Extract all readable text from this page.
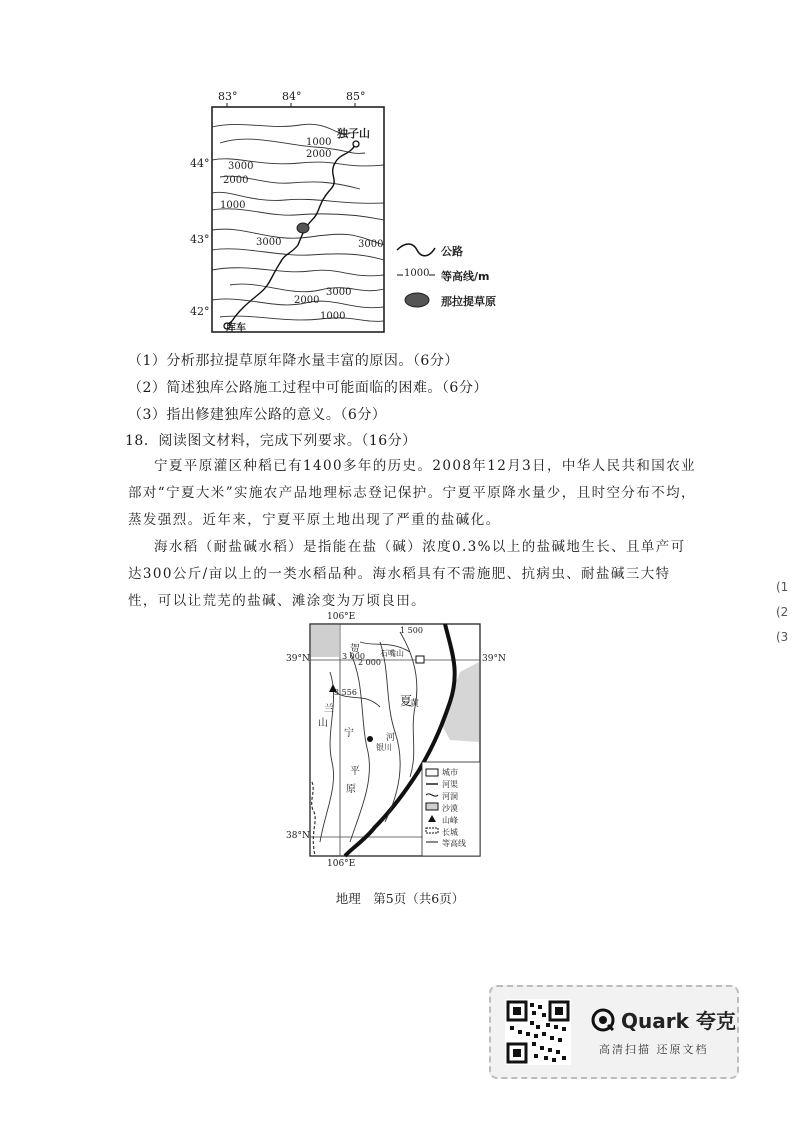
83°	84°	85°
44°
43°
42°
独子山
库车
1000
2000
3000
2000
1000
3000	3000
3000
2000
1000
公路
1000 等高线/m
那拉提草原
（1）分析那拉提草原年降水量丰富的原因。（6分）
（2）简述独库公路施工过程中可能面临的困难。（6分）
（3）指出修建独库公路的意义。（6分）
18．阅读图文材料，完成下列要求。（16分）
宁夏平原灌区种稻已有1400多年的历史。2008年12月3日，中华人民共和国农业部对“宁夏大米”实施农产品地理标志登记保护。宁夏平原降水量少，且时空分布不均，蒸发强烈。近年来，宁夏平原土地出现了严重的盐碱化。
海水稻（耐盐碱水稻）是指能在盐（碱）浓度0.3%以上的盐碱地生长、且单产可达300公斤/亩以上的一类水稻品种。海水稻具有不需施肥、抗病虫、耐盐碱三大特性，可以让荒芜的盐碱、滩涂变为万顷良田。
106°E
106°E
39°N	39°N
38°N
3 000
2 000
1 500
贺
兰
山
宁
夏
平
原
黄
河
石嘴山
银川
3 556
城市
河渠
河洞
沙漠
山峰
长城
等高线
(1
(2
(3
地理　第5页（共6页）
Quark 夸克
高清扫描 还原文档
